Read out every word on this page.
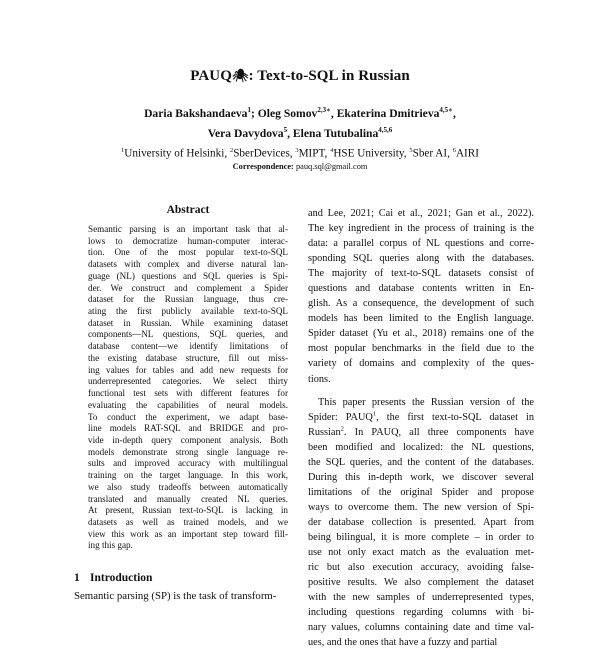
PAUQ🕷: Text-to-SQL in Russian
Daria Bakshandaeva$^1$; Oleg Somov$^{2,3∗}$, Ekaterina Dmitrieva$^{4,5∗}$,
Vera Davydova$^5$, Elena Tutubalina$^{4,5,6}$
$^1$University of Helsinki, $^2$SberDevices, $^3$MIPT, $^4$HSE University, $^5$Sber AI, $^6$AIRI
Correspondence: pauq.sql@gmail.com
Abstract
Semantic parsing is an important task that al-
lows to democratize human-computer interac-
tion. One of the most popular text-to-SQL
datasets with complex and diverse natural lan-
guage (NL) questions and SQL queries is Spi-
der. We construct and complement a Spider
dataset for the Russian language, thus cre-
ating the first publicly available text-to-SQL
dataset in Russian. While examining dataset
components—NL questions, SQL queries, and
database content—we identify limitations of
the existing database structure, fill out miss-
ing values for tables and add new requests for
underrepresented categories. We select thirty
functional test sets with different features for
evaluating the capabilities of neural models.
To conduct the experiment, we adapt base-
line models RAT-SQL and BRIDGE and pro-
vide in-depth query component analysis. Both
models demonstrate strong single language re-
sults and improved accuracy with multilingual
training on the target language. In this work,
we also study tradeoffs between automatically
translated and manually created NL queries.
At present, Russian text-to-SQL is lacking in
datasets as well as trained models, and we
view this work as an important step toward fill-
ing this gap.
1 Introduction
Semantic parsing (SP) is the task of transform-
and Lee, 2021; Cai et al., 2021; Gan et al., 2022).
The key ingredient in the process of training is the
data: a parallel corpus of NL questions and corre-
sponding SQL queries along with the databases.
The majority of text-to-SQL datasets consist of
questions and database contents written in En-
glish. As a consequence, the development of such
models has been limited to the English language.
Spider dataset (Yu et al., 2018) remains one of the
most popular benchmarks in the field due to the
variety of domains and complexity of the ques-
tions.
This paper presents the Russian version of the
Spider: PAUQ$^1$, the first text-to-SQL dataset in
Russian$^2$. In PAUQ, all three components have
been modified and localized: the NL questions,
the SQL queries, and the content of the databases.
During this in-depth work, we discover several
limitations of the original Spider and propose
ways to overcome them. The new version of Spi-
der database collection is presented. Apart from
being bilingual, it is more complete – in order to
use not only exact match as the evaluation met-
ric but also execution accuracy, avoiding false-
positive results. We also complement the dataset
with the new samples of underrepresented types,
including questions regarding columns with bi-
nary values, columns containing date and time val-
ues, and the ones that have a fuzzy and partial
